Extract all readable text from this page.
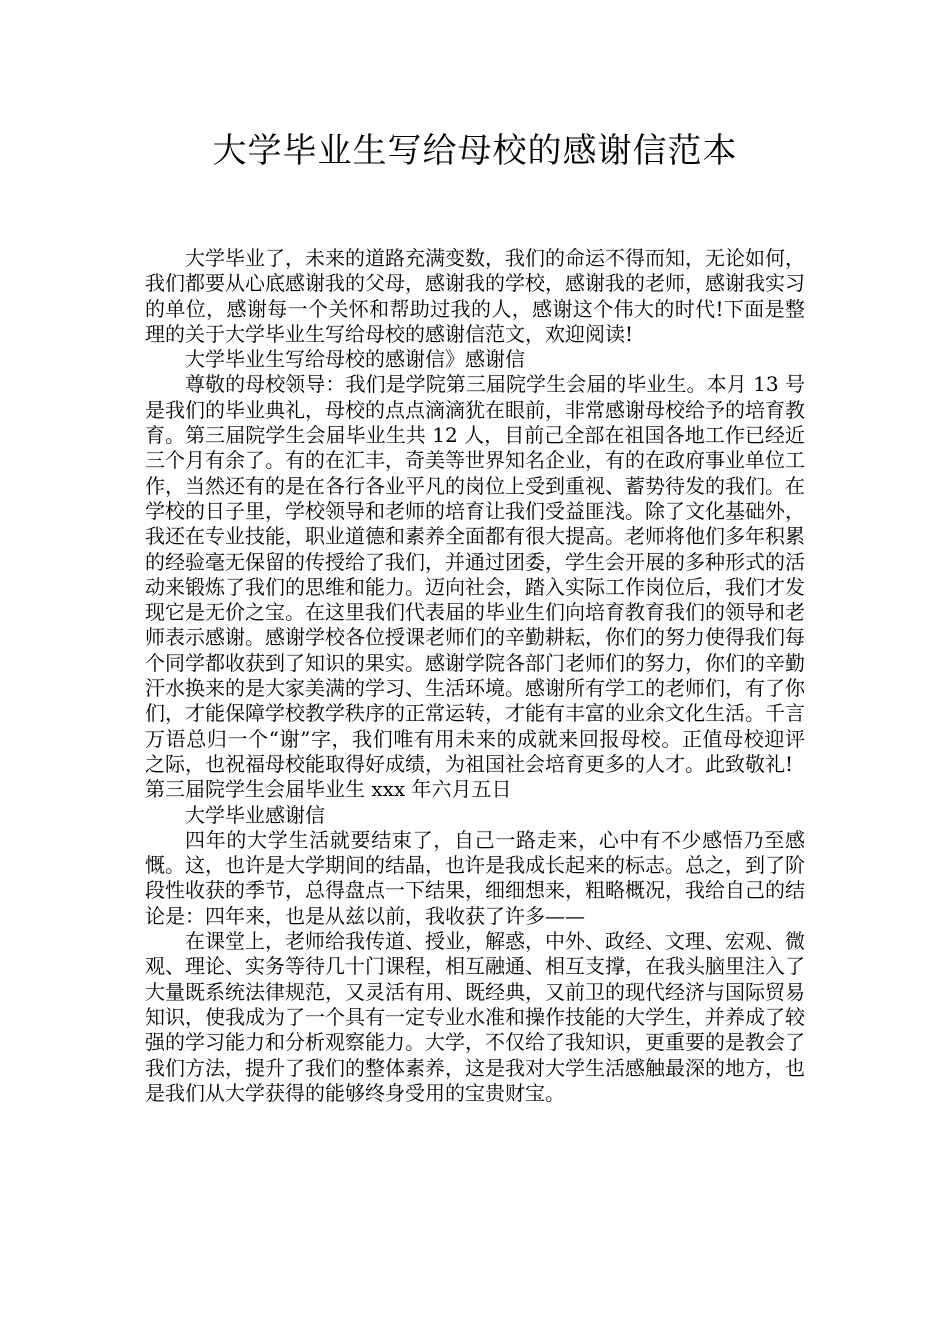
大学毕业生写给母校的感谢信范本

大学毕业了，未来的道路充满变数，我们的命运不得而知，无论如何，我们都要从心底感谢我的父母，感谢我的学校，感谢我的老师，感谢我实习的单位，感谢每一个关怀和帮助过我的人，感谢这个伟大的时代!下面是整理的关于大学毕业生写给母校的感谢信范文，欢迎阅读!

大学毕业生写给母校的感谢信》感谢信

尊敬的母校领导：我们是学院第三届院学生会届的毕业生。本月 13 号是我们的毕业典礼，母校的点点滴滴犹在眼前，非常感谢母校给予的培育教育。第三届院学生会届毕业生共 12 人，目前己全部在祖国各地工作已经近三个月有余了。有的在汇丰，奇美等世界知名企业，有的在政府事业单位工作，当然还有的是在各行各业平凡的岗位上受到重视、蓄势待发的我们。在学校的日子里，学校领导和老师的培育让我们受益匪浅。除了文化基础外，我还在专业技能，职业道德和素养全面都有很大提高。老师将他们多年积累的经验毫无保留的传授给了我们，并通过团委，学生会开展的多种形式的活动来锻炼了我们的思维和能力。迈向社会，踏入实际工作岗位后，我们才发现它是无价之宝。在这里我们代表届的毕业生们向培育教育我们的领导和老师表示感谢。感谢学校各位授课老师们的辛勤耕耘，你们的努力使得我们每个同学都收获到了知识的果实。感谢学院各部门老师们的努力，你们的辛勤汗水换来的是大家美满的学习、生活环境。感谢所有学工的老师们，有了你们，才能保障学校教学秩序的正常运转，才能有丰富的业余文化生活。千言万语总归一个“谢”字，我们唯有用未来的成就来回报母校。正值母校迎评之际，也祝福母校能取得好成绩，为祖国社会培育更多的人才。此致敬礼!

第三届院学生会届毕业生 xxx 年六月五日

大学毕业感谢信

四年的大学生活就要结束了，自己一路走来，心中有不少感悟乃至感慨。这，也许是大学期间的结晶，也许是我成长起来的标志。总之，到了阶段性收获的季节，总得盘点一下结果，细细想来，粗略概况，我给自己的结论是：四年来，也是从兹以前，我收获了许多——

在课堂上，老师给我传道、授业，解惑，中外、政经、文理、宏观、微观、理论、实务等待几十门课程，相互融通、相互支撑，在我头脑里注入了大量既系统法律规范，又灵活有用、既经典，又前卫的现代经济与国际贸易知识，使我成为了一个具有一定专业水准和操作技能的大学生，并养成了较强的学习能力和分析观察能力。大学，不仅给了我知识，更重要的是教会了我们方法，提升了我们的整体素养，这是我对大学生活感触最深的地方，也是我们从大学获得的能够终身受用的宝贵财宝。
